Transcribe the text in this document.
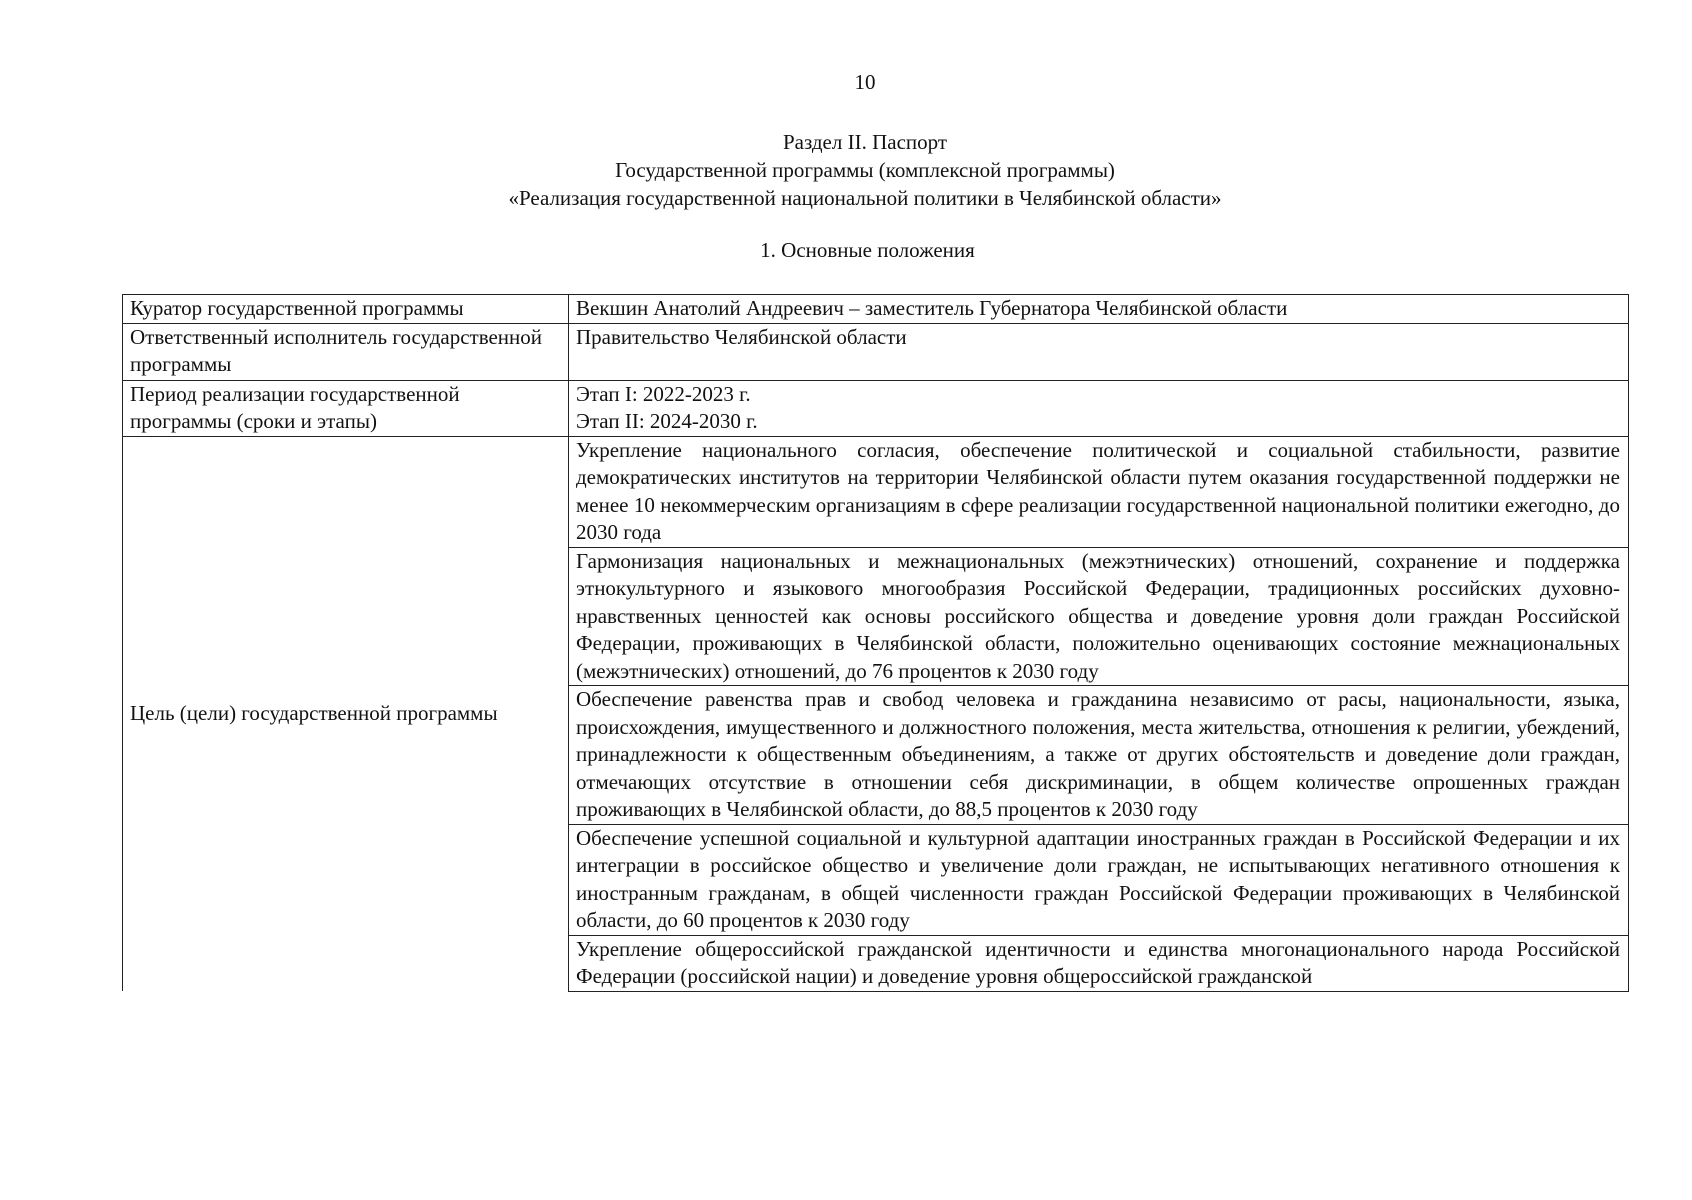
10
Раздел II. Паспорт
Государственной программы (комплексной программы)
«Реализация государственной национальной политики в Челябинской области»
1. Основные положения
Куратор государственной программы	Векшин Анатолий Андреевич – заместитель Губернатора Челябинской области
Ответственный исполнитель государственной программы	Правительство Челябинской области
Период реализации государственной программы (сроки и этапы)	Этап I: 2022-2023 г.
Этап II: 2024-2030 г.

Цель (цели) государственной программы	Укрепление национального согласия, обеспечение политической и социальной стабильности, развитие демократических институтов на территории Челябинской области путем оказания государственной поддержки не менее 10 некоммерческим организациям в сфере реализации государственной национальной политики ежегодно, до 2030 года
	Гармонизация национальных и межнациональных (межэтнических) отношений, сохранение и поддержка этнокультурного и языкового многообразия Российской Федерации, традиционных российских духовно-нравственных ценностей как основы российского общества и доведение уровня доли граждан Российской Федерации, проживающих в Челябинской области, положительно оценивающих состояние межнациональных (межэтнических) отношений, до 76 процентов к 2030 году
	Обеспечение равенства прав и свобод человека и гражданина независимо от расы, национальности, языка, происхождения, имущественного и должностного положения, места жительства, отношения к религии, убеждений, принадлежности к общественным объединениям, а также от других обстоятельств и доведение доли граждан, отмечающих отсутствие в отношении себя дискриминации, в общем количестве опрошенных граждан проживающих в Челябинской области, до 88,5 процентов к 2030 году
	Обеспечение успешной социальной и культурной адаптации иностранных граждан в Российской Федерации и их интеграции в российское общество и увеличение доли граждан, не испытывающих негативного отношения к иностранным гражданам, в общей численности граждан Российской Федерации проживающих в Челябинской области, до 60 процентов к 2030 году
	Укрепление общероссийской гражданской идентичности и единства многонационального народа Российской Федерации (российской нации) и доведение уровня общероссийской гражданской
